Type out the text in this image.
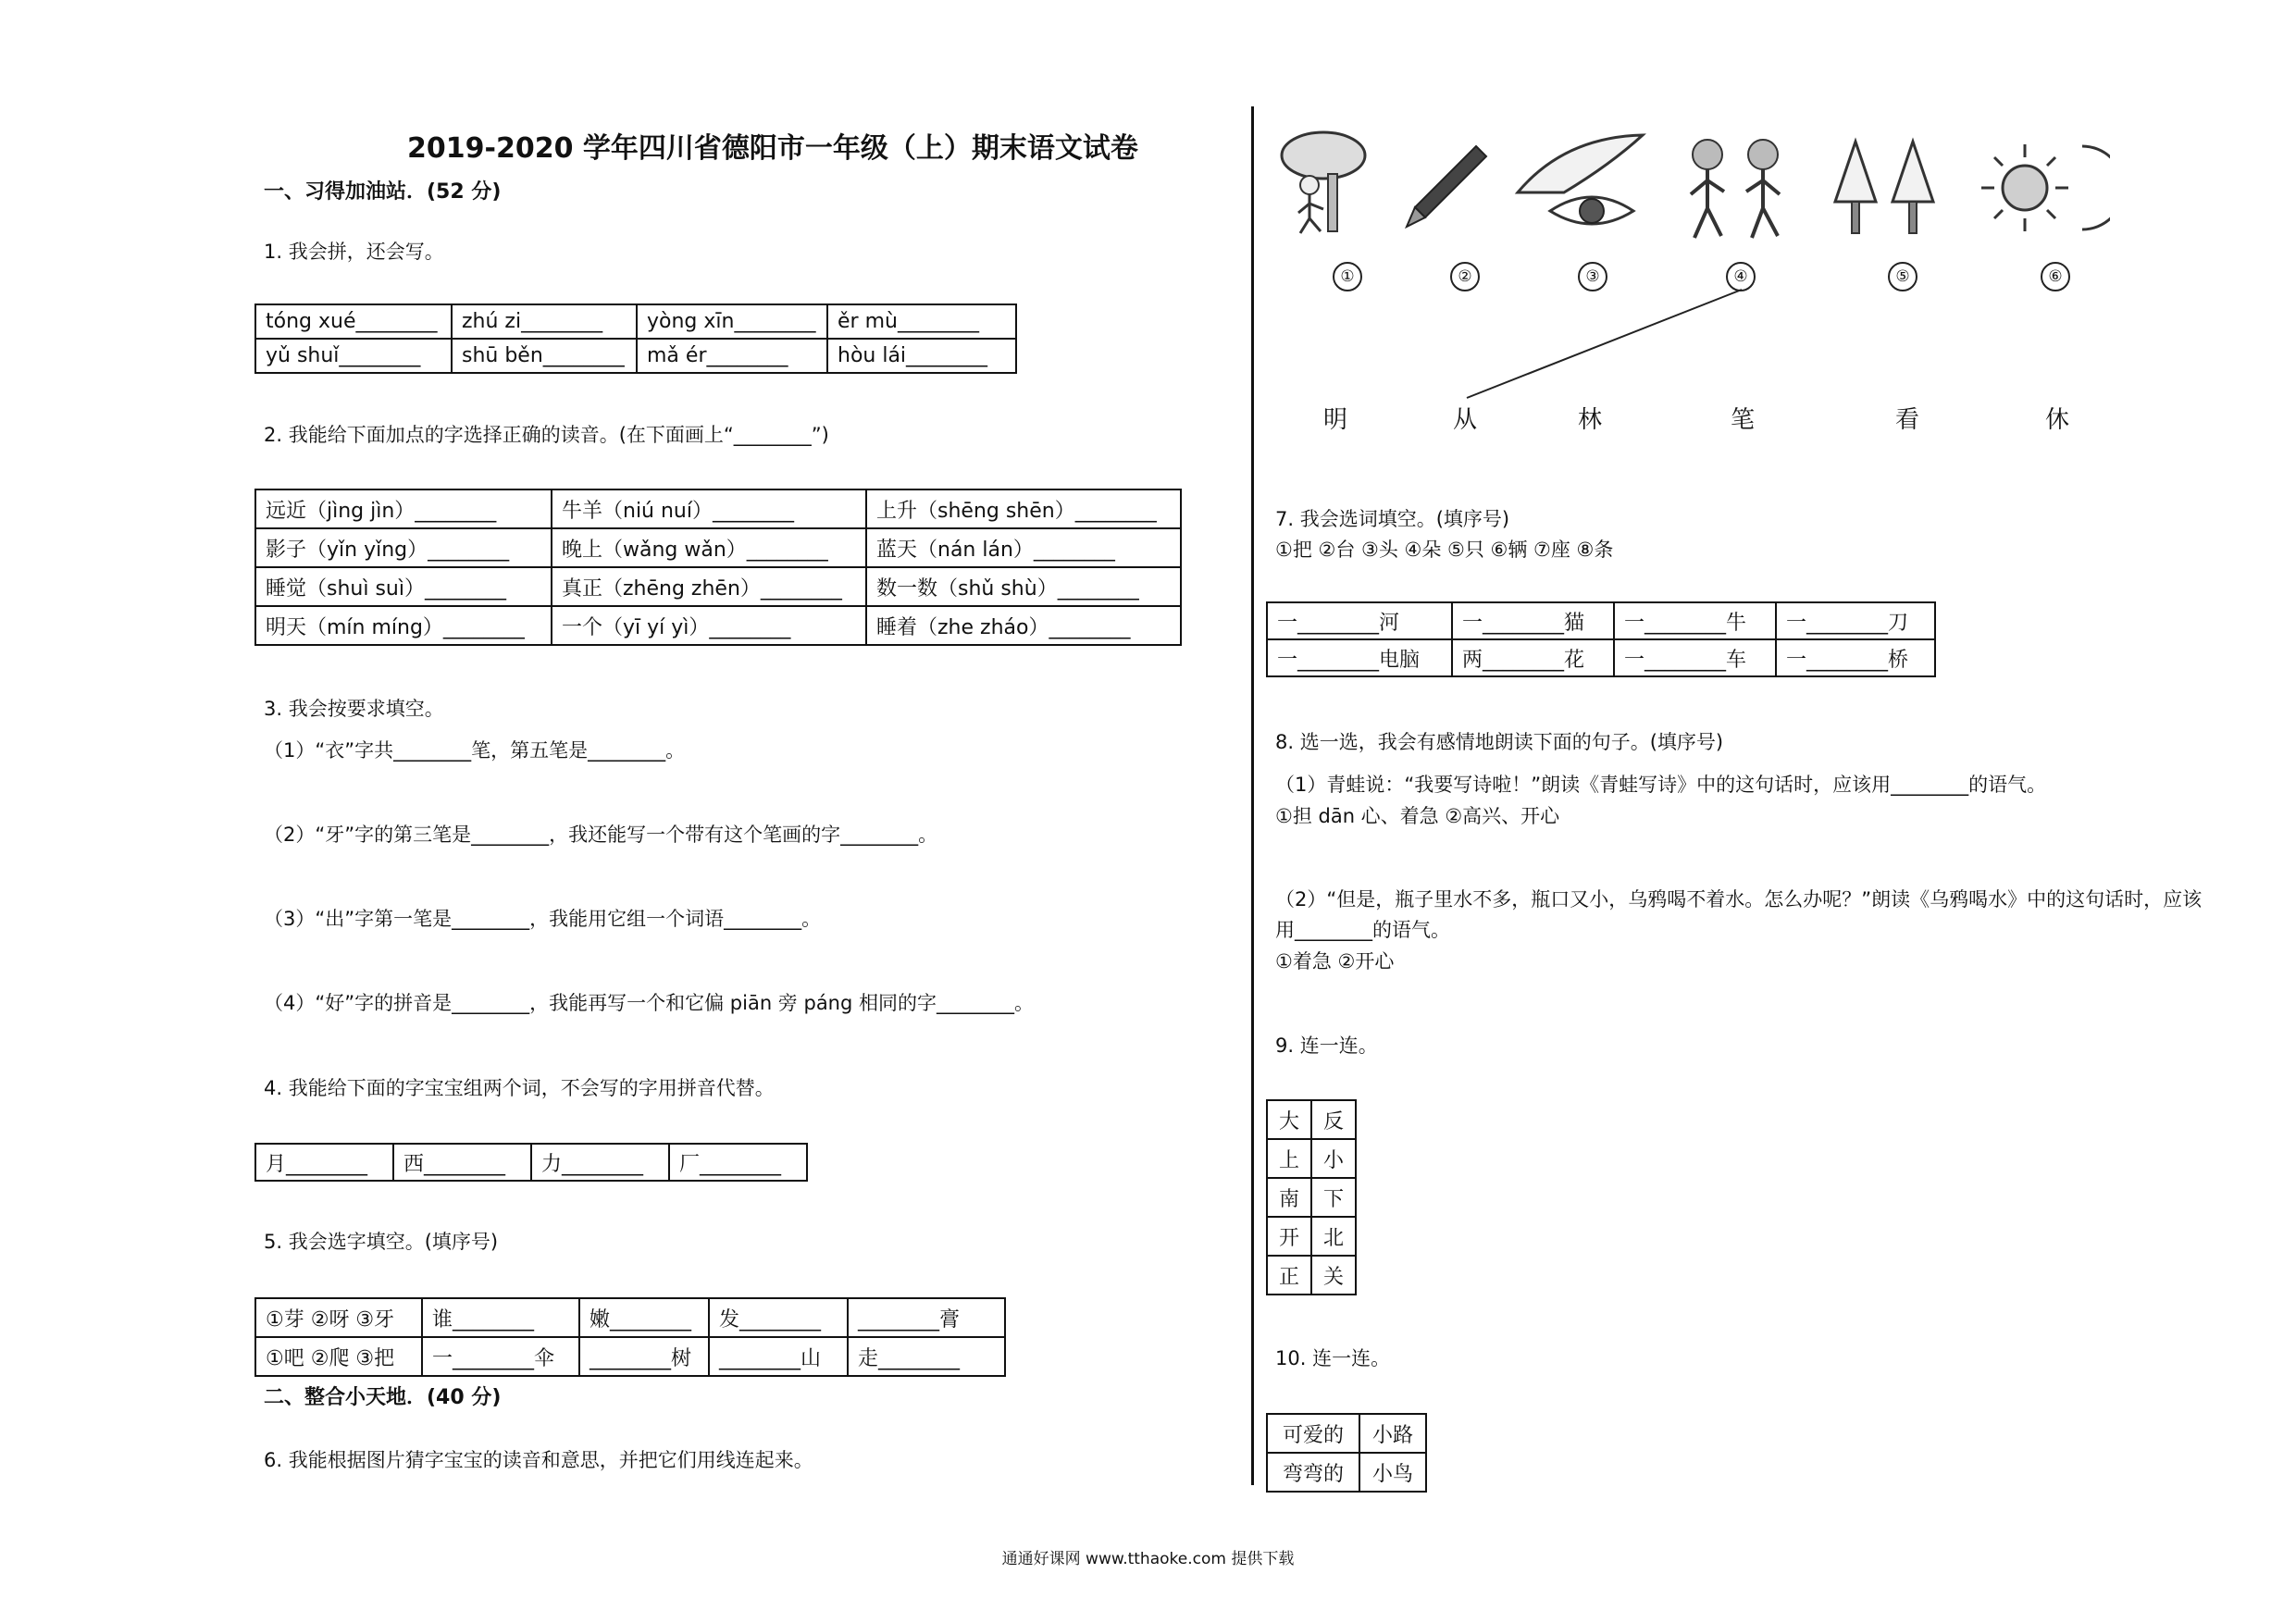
2019-2020 学年四川省德阳市一年级（上）期末语文试卷
一、习得加油站．(52 分)
1. 我会拼，还会写。
tóng xué________	zhú zi________	yòng xīn________	ěr mù________
yǔ shuǐ________	shū běn________	mǎ ér________	hòu lái________
2. 我能给下面加点的字选择正确的读音。(在下面画上“________”)
远近（jìng jìn）________	牛羊（niú nuí）________	上升（shēng shēn）________
影子（yǐn yǐng）________	晚上（wǎng wǎn）________	蓝天（nán lán）________
睡觉（shuì suì）________	真正（zhēng zhēn）________	数一数（shǔ shù）________
明天（mín míng）________	一个（yī yí yì）________	睡着（zhe zháo）________
3. 我会按要求填空。
（1）“衣”字共________笔，第五笔是________。
（2）“牙”字的第三笔是________，我还能写一个带有这个笔画的字________。
（3）“出”字第一笔是________，我能用它组一个词语________。
（4）“好”字的拼音是________，我能再写一个和它偏 piān 旁 páng 相同的字________。
4. 我能给下面的字宝宝组两个词，不会写的字用拼音代替。
月________	西________	力________	厂________
5. 我会选字填空。(填序号)
①芽 ②呀 ③牙	谁________	嫩________	发________	________膏
①吧 ②爬 ③把	一________伞	________树	________山	走________
二、整合小天地．(40 分)
6. 我能根据图片猜字宝宝的读音和意思，并把它们用线连起来。
①	②	③	④	⑤	⑥
明	从	林	笔	看	休
7. 我会选词填空。(填序号)
①把 ②台 ③头 ④朵 ⑤只 ⑥辆 ⑦座 ⑧条
一________河	一________猫	一________牛	一________刀
一________电脑	两________花	一________车	一________桥
8. 选一选，我会有感情地朗读下面的句子。(填序号)
（1）青蛙说：“我要写诗啦！”朗读《青蛙写诗》中的这句话时，应该用________的语气。
①担 dān 心、着急 ②高兴、开心
（2）“但是，瓶子里水不多，瓶口又小，乌鸦喝不着水。怎么办呢？”朗读《乌鸦喝水》中的这句话时，应该
用________的语气。
①着急 ②开心
9. 连一连。
大	反
上	小
南	下
开	北
正	关
10. 连一连。
可爱的	小路
弯弯的	小鸟
通通好课网 www.tthaoke.com 提供下载
